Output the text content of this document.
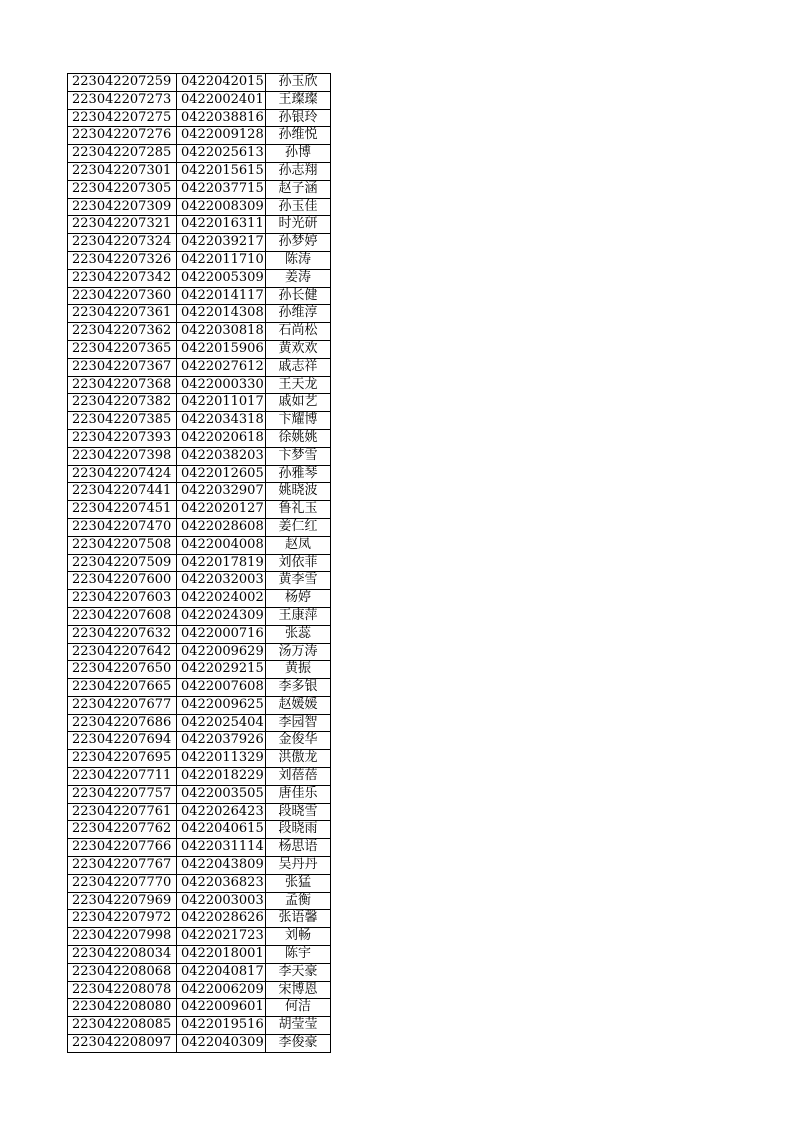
223042207259	0422042015	孙玉欣
223042207273	0422002401	王璨璨
223042207275	0422038816	孙银玲
223042207276	0422009128	孙维悦
223042207285	0422025613	孙博
223042207301	0422015615	孙志翔
223042207305	0422037715	赵子涵
223042207309	0422008309	孙玉佳
223042207321	0422016311	时光研
223042207324	0422039217	孙梦婷
223042207326	0422011710	陈涛
223042207342	0422005309	姜涛
223042207360	0422014117	孙长健
223042207361	0422014308	孙维淳
223042207362	0422030818	石尚松
223042207365	0422015906	黄欢欢
223042207367	0422027612	戚志祥
223042207368	0422000330	王天龙
223042207382	0422011017	戚如艺
223042207385	0422034318	卞耀博
223042207393	0422020618	徐姚姚
223042207398	0422038203	卞梦雪
223042207424	0422012605	孙雅琴
223042207441	0422032907	姚晓波
223042207451	0422020127	鲁礼玉
223042207470	0422028608	姜仁红
223042207508	0422004008	赵凤
223042207509	0422017819	刘依菲
223042207600	0422032003	黄李雪
223042207603	0422024002	杨婷
223042207608	0422024309	王康萍
223042207632	0422000716	张蕊
223042207642	0422009629	汤万涛
223042207650	0422029215	黄振
223042207665	0422007608	李多银
223042207677	0422009625	赵媛媛
223042207686	0422025404	李园智
223042207694	0422037926	金俊华
223042207695	0422011329	洪傲龙
223042207711	0422018229	刘蓓蓓
223042207757	0422003505	唐佳乐
223042207761	0422026423	段晓雪
223042207762	0422040615	段晓雨
223042207766	0422031114	杨思语
223042207767	0422043809	吴丹丹
223042207770	0422036823	张猛
223042207969	0422003003	孟衡
223042207972	0422028626	张语馨
223042207998	0422021723	刘畅
223042208034	0422018001	陈宇
223042208068	0422040817	李天豪
223042208078	0422006209	宋博恩
223042208080	0422009601	何洁
223042208085	0422019516	胡莹莹
223042208097	0422040309	李俊豪
